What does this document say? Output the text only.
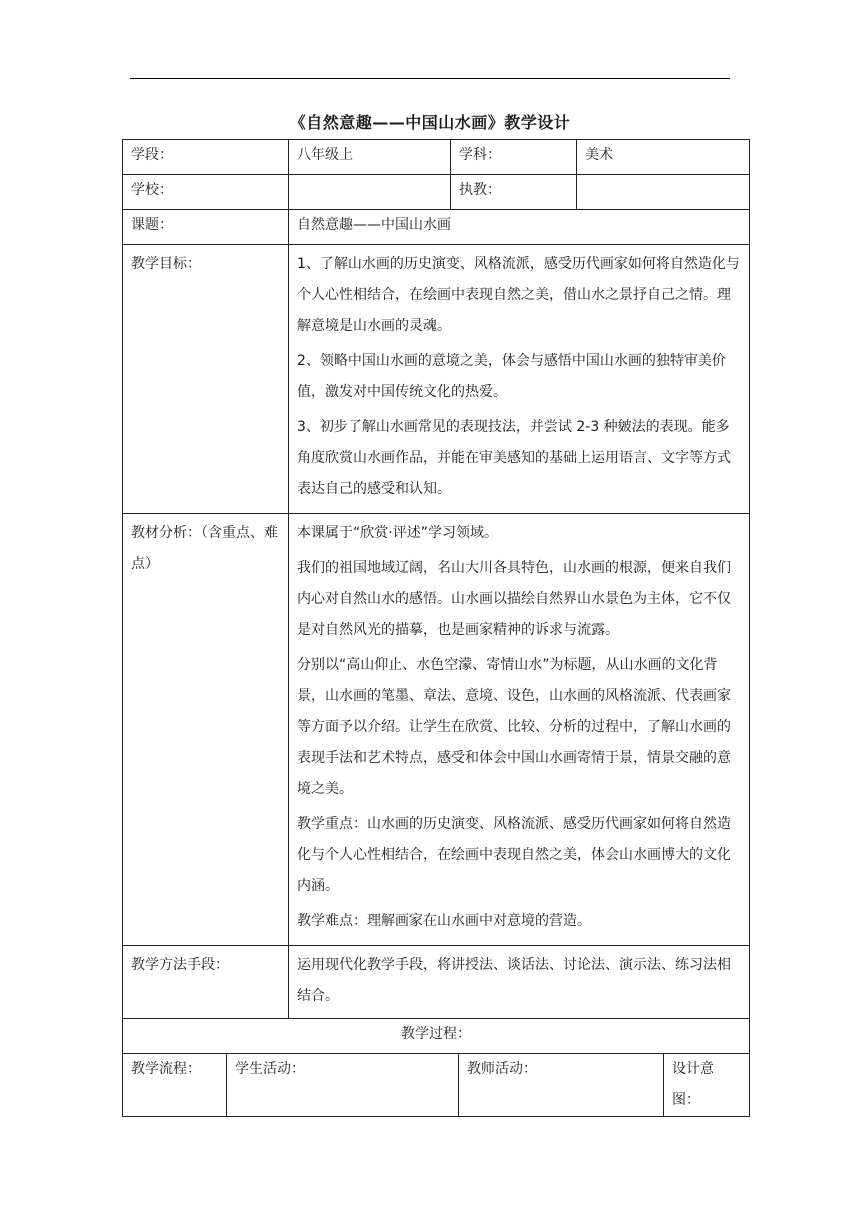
《自然意趣——中国山水画》教学设计
学段：		八年级上	学科：		美术	
学校：			执教：			
课题：		自然意趣——中国山水画				
教学目标：		1、了解山水画的历史演变、风格流派，感受历代画家如何将自然造化与个人心性相结合，在绘画中表现自然之美，借山水之景抒自己之情。理解意境是山水画的灵魂。

2、领略中国山水画的意境之美，体会与感悟中国山水画的独特审美价值，激发对中国传统文化的热爱。

3、初步了解山水画常见的表现技法，并尝试 2-3 种皴法的表现。能多角度欣赏山水画作品，并能在审美感知的基础上运用语言、文字等方式表达自己的感受和认知。				

教材分析：（含重点、难点）		本课属于“欣赏·评述”学习领域。

我们的祖国地域辽阔，名山大川各具特色，山水画的根源，便来自我们内心对自然山水的感悟。山水画以描绘自然界山水景色为主体，它不仅是对自然风光的描摹，也是画家精神的诉求与流露。

分别以“高山仰止、水色空濛、寄情山水”为标题，从山水画的文化背景，山水画的笔墨、章法、意境、设色，山水画的风格流派、代表画家等方面予以介绍。让学生在欣赏、比较、分析的过程中，了解山水画的表现手法和艺术特点，感受和体会中国山水画寄情于景，情景交融的意境之美。

教学重点：山水画的历史演变、风格流派、感受历代画家如何将自然造化与个人心性相结合，在绘画中表现自然之美，体会山水画博大的文化内涵。

教学难点：理解画家在山水画中对意境的营造。				

教学方法手段：		运用现代化教学手段，将讲授法、谈话法、讨论法、演示法、练习法相结合。				
教学过程：						
教学流程：	学生活动：			教师活动：		设计意图：
